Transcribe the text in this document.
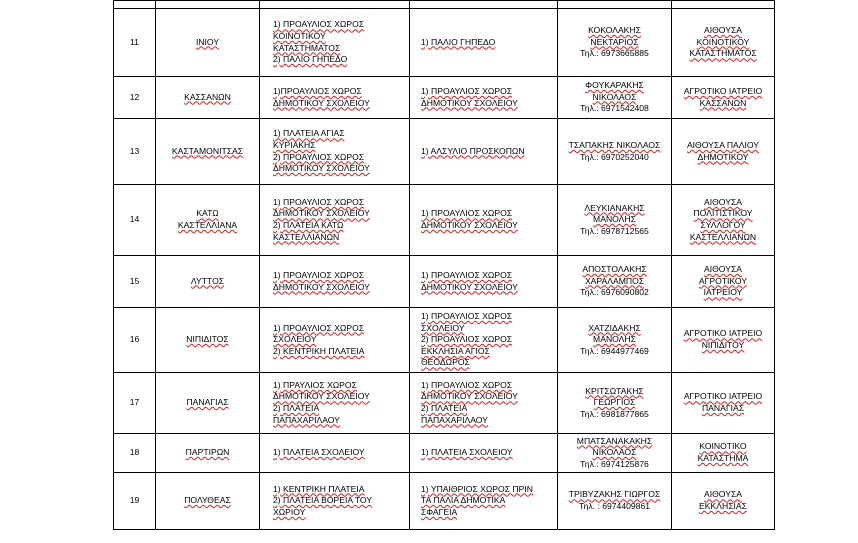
11	ΙΝΙΟΥ	1) ΠΡΟΑΥΛΙΟΣ ΧΩΡΟΣ
ΚΟΙΝΟΤΙΚΟΥ
ΚΑΤΑΣΤΗΜΑΤΟΣ
2) ΠΑΛΙΟ ΓΗΠΕΔΟ	1) ΠΑΛΙΟ ΓΗΠΕΔΟ	ΚΟΚΟΛΑΚΗΣ
ΝΕΚΤΑΡΙΟΣ
Τηλ.: 6973665885	ΑΙΘΟΥΣΑ
ΚΟΙΝΟΤΙΚΟΥ
ΚΑΤΑΣΤΗΜΑΤΟΣ

12	ΚΑΣΣΑΝΩΝ	1)ΠΡΟΑΥΛΙΟΣ ΧΩΡΟΣ
ΔΗΜΟΤΙΚΟΥ ΣΧΟΛΕΙΟΥ	1) ΠΡΟΑΥΛΙΟΣ ΧΩΡΟΣ
ΔΗΜΟΤΙΚΟΥ ΣΧΟΛΕΙΟΥ	ΦΟΥΚΑΡΑΚΗΣ
ΝΙΚΟΛΑΟΣ
Τηλ.: 6971542408	ΑΓΡΟΤΙΚΟ ΙΑΤΡΕΙΟ
ΚΑΣΣΑΝΩΝ

13	ΚΑΣΤΑΜΟΝΙΤΣΑΣ	1) ΠΛΑΤΕΙΑ ΑΓΙΑΣ
ΚΥΡΙΑΚΗΣ
2) ΠΡΟΑΥΛΙΟΣ ΧΩΡΟΣ
ΔΗΜΟΤΙΚΟΥ ΣΧΟΛΕΙΟΥ	1) ΑΛΣΥΛΙΟ ΠΡΟΣΚΟΠΩΝ	ΤΣΑΠΑΚΗΣ ΝΙΚΟΛΑΟΣ
Τηλ.: 6970252040	ΑΙΘΟΥΣΑ ΠΑΛΙΟΥ
ΔΗΜΟΤΙΚΟΥ

14	ΚΑΤΩ
ΚΑΣΤΕΛΛΙΑΝΑ	1) ΠΡΟΑΥΛΙΟΣ ΧΩΡΟΣ
ΔΗΜΟΤΙΚΟΥ ΣΧΟΛΕΙΟΥ
2) ΠΛΑΤΕΙΑ ΚΑΤΩ
ΚΑΣΤΕΛΛΙΑΝΩΝ	1) ΠΡΟΑΥΛΙΟΣ ΧΩΡΟΣ
ΔΗΜΟΤΙΚΟΥ ΣΧΟΛΕΙΟΥ	ΛΕΥΚΙΑΝΑΚΗΣ
ΜΑΝΟΛΗΣ
Τηλ.: 6978712565	ΑΙΘΟΥΣΑ
ΠΟΛΙΤΙΣΤΙΚΟΥ
ΣΥΛΛΟΓΟΥ
ΚΑΣΤΕΛΛΙΑΝΩΝ

15	ΛΥΤΤΟΣ	1) ΠΡΟΑΥΛΙΟΣ ΧΩΡΟΣ
ΔΗΜΟΤΙΚΟΥ ΣΧΟΛΕΙΟΥ	1) ΠΡΟΑΥΛΙΟΣ ΧΩΡΟΣ
ΔΗΜΟΤΙΚΟΥ ΣΧΟΛΕΙΟΥ	ΑΠΟΣΤΟΛΑΚΗΣ
ΧΑΡΑΛΑΜΠΟΣ
Τηλ.: 6976090802	ΑΙΘΟΥΣΑ
ΑΓΡΟΤΙΚΟΥ
ΙΑΤΡΕΙΟΥ

16	ΝΙΠΙΔΙΤΟΣ	1) ΠΡΟΑΥΛΙΟΣ ΧΩΡΟΣ
ΣΧΟΛΕΙΟΥ
2) ΚΕΝΤΡΙΚΗ ΠΛΑΤΕΙΑ	1) ΠΡΟΑΥΛΙΟΣ ΧΩΡΟΣ
ΣΧΟΛΕΙΟΥ
2) ΠΡΟΑΥΛΙΟΣ ΧΩΡΟΣ
ΕΚΚΛΗΣΙΑ ΑΓΙΟΣ
ΘΕΟΔΩΡΟΣ	ΧΑΤΖΙΔΑΚΗΣ
ΜΑΝΟΛΗΣ
Τηλ.: 6944977469	ΑΓΡΟΤΙΚΟ ΙΑΤΡΕΙΟ
ΝΙΠΙΔΙΤΟΥ

17	ΠΑΝΑΓΙΑΣ	1) ΠΡΑΥΛΙΟΣ ΧΩΡΟΣ
ΔΗΜΟΤΙΚΟΥ ΣΧΟΛΕΙΟΥ
2) ΠΛΑΤΕΙΑ
ΠΑΠΑΧΑΡΙΛΑΟΥ	1) ΠΡΟΑΥΛΙΟΣ ΧΩΡΟΣ
ΔΗΜΟΤΙΚΟΥ ΣΧΟΛΕΙΟΥ
2) ΠΛΑΤΕΙΑ
ΠΑΠΑΧΑΡΙΛΑΟΥ	ΚΡΙΤΣΩΤΑΚΗΣ
ΓΕΩΡΓΙΟΣ
Τηλ.: 6981877865	ΑΓΡΟΤΙΚΟ ΙΑΤΡΕΙΟ
ΠΑΝΑΓΙΑΣ

18	ΠΑΡΤΙΡΩΝ	1) ΠΛΑΤΕΙΑ ΣΧΟΛΕΙΟΥ	1) ΠΛΑΤΕΙΑ ΣΧΟΛΕΙΟΥ	ΜΠΑΤΣΑΝΑΚΑΚΗΣ
ΝΙΚΟΛΑΟΣ
Τηλ.: 6974125876	ΚΟΙΝΟΤΙΚΟ
ΚΑΤΑΣΤΗΜΑ

19	ΠΟΛΥΘΕΑΣ	1) ΚΕΝΤΡΙΚΗ ΠΛΑΤΕΙΑ
2) ΠΛΑΤΕΙΑ ΒΟΡΕΙΑ ΤΟΥ
ΧΩΡΙΟΥ	1) ΥΠΑΙΘΡΙΟΣ ΧΩΡΟΣ ΠΡΙΝ
ΤΑ ΠΑΛΙΑ ΔΗΜΟΤΙΚΑ
ΣΦΑΓΕΙΑ	ΤΡΙΒΥΖΑΚΗΣ ΓΙΩΡΓΟΣ
Τηλ. : 6974409861	ΑΙΘΟΥΣΑ
ΕΚΚΛΗΣΙΑΣ
